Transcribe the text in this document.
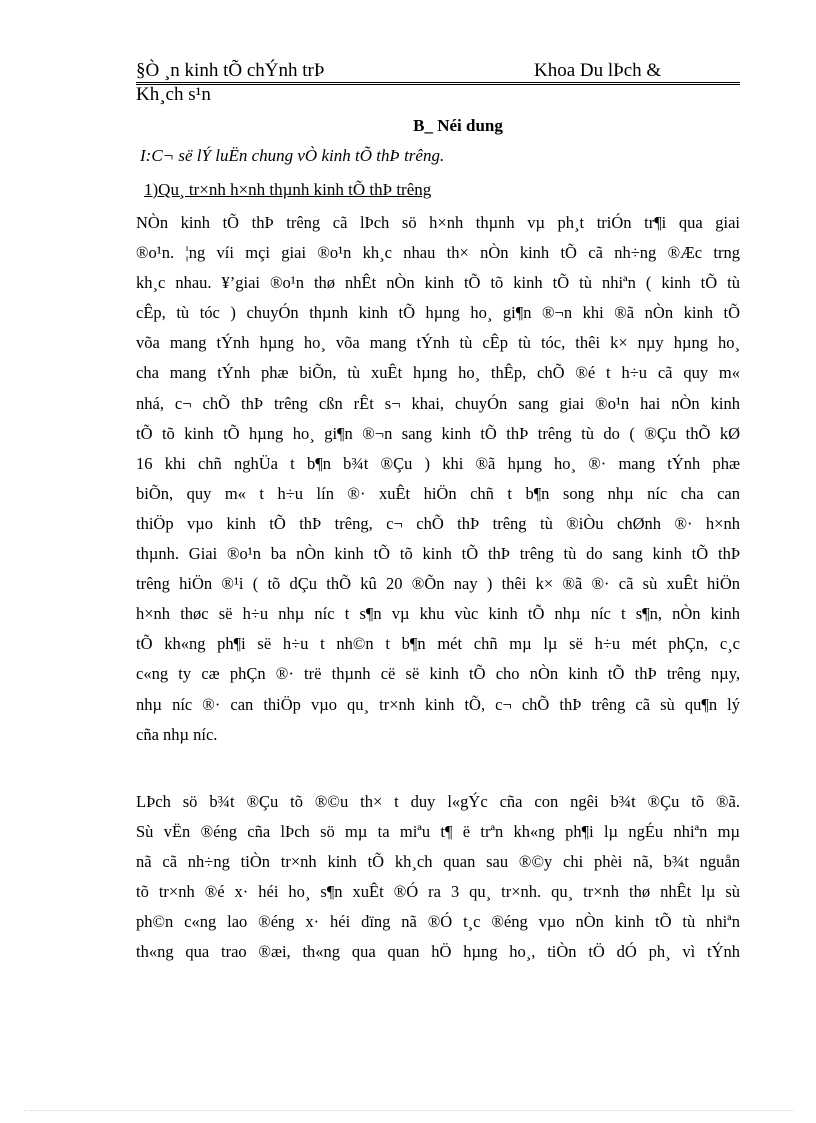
§Ò ¸n kinh tÕ chÝnh trÞ	Khoa Du lÞch &
Kh¸ch s¹n
B_ Néi dung
I:C¬ së lÝ luËn chung vÒ kinh tÕ thÞ trêng.
1)Qu¸ tr×nh h×nh thµnh kinh tÕ thÞ trêng
NÒn kinh tÕ thÞ trêng cã lÞch sö h×nh thµnh vµ ph¸t triÓn tr¶i qua giai
®o¹n. ¦ng víi mçi giai ®o¹n kh¸c nhau th× nÒn kinh tÕ cã nh÷ng ®Æc trng
kh¸c nhau. ¥’giai ®o¹n thø nhÊt nÒn kinh tÕ tõ kinh tÕ tù nhiªn ( kinh tÕ tù
cÊp, tù tóc ) chuyÓn thµnh kinh tÕ hµng ho¸ gi¶n ®¬n khi ®ã nÒn kinh tÕ
võa mang tÝnh hµng ho¸ võa mang tÝnh tù cÊp tù tóc, thêi k× nµy hµng ho¸
cha mang tÝnh phæ biÕn, tù xuÊt hµng ho¸ thÊp, chÕ ®é t h÷u cã quy m«
nhá, c¬ chÕ thÞ trêng cßn rÊt s¬ khai, chuyÓn sang giai ®o¹n hai nÒn kinh
tÕ tõ kinh tÕ hµng ho¸ gi¶n ®¬n sang kinh tÕ thÞ trêng tù do ( ®Çu thÕ kØ
16 khi chñ nghÜa t b¶n b¾t ®Çu ) khi ®ã hµng ho¸ ®· mang tÝnh phæ
biÕn, quy m« t h÷u lín ®· xuÊt hiÖn chñ t b¶n song nhµ níc cha can
thiÖp vµo kinh tÕ thÞ trêng, c¬ chÕ thÞ trêng tù ®iÒu chØnh ®· h×nh
thµnh. Giai ®o¹n ba nÒn kinh tÕ tõ kinh tÕ thÞ trêng tù do sang kinh tÕ thÞ
trêng hiÖn ®¹i ( tõ dÇu thÕ kû 20 ®Õn nay ) thêi k× ®ã ®· cã sù xuÊt hiÖn
h×nh thøc së h÷u nhµ níc t s¶n vµ khu vùc kinh tÕ nhµ níc t s¶n, nÒn kinh
tÕ kh«ng ph¶i së h÷u t nh©n t b¶n mét chñ mµ lµ së h÷u mét phÇn, c¸c
c«ng ty cæ phÇn ®· trë thµnh cë së kinh tÕ cho nÒn kinh tÕ thÞ trêng nµy,
nhµ níc ®· can thiÖp vµo qu¸ tr×nh kinh tÕ, c¬ chÕ thÞ trêng cã sù qu¶n lý
cña nhµ níc.
LÞch sö b¾t ®Çu tõ ®©u th× t duy l«gÝc cña con ngêi b¾t ®Çu tõ ®ã.
Sù vËn ®éng cña lÞch sö mµ ta miªu t¶ ë trªn kh«ng ph¶i lµ ngÉu nhiªn mµ
nã cã nh÷ng tiÒn tr×nh kinh tÕ kh¸ch quan sau ®©y chi phèi nã, b¾t nguån
tõ tr×nh ®é x· héi ho¸ s¶n xuÊt ®Ó ra 3 qu¸ tr×nh. qu¸ tr×nh thø nhÊt lµ sù
ph©n c«ng lao ®éng x· héi dïng nã ®Ó t¸c ®éng vµo nÒn kinh tÕ tù nhiªn
th«ng qua trao ®æi, th«ng qua quan hÖ hµng ho¸, tiÒn tÖ dÓ ph¸ vì tÝnh
